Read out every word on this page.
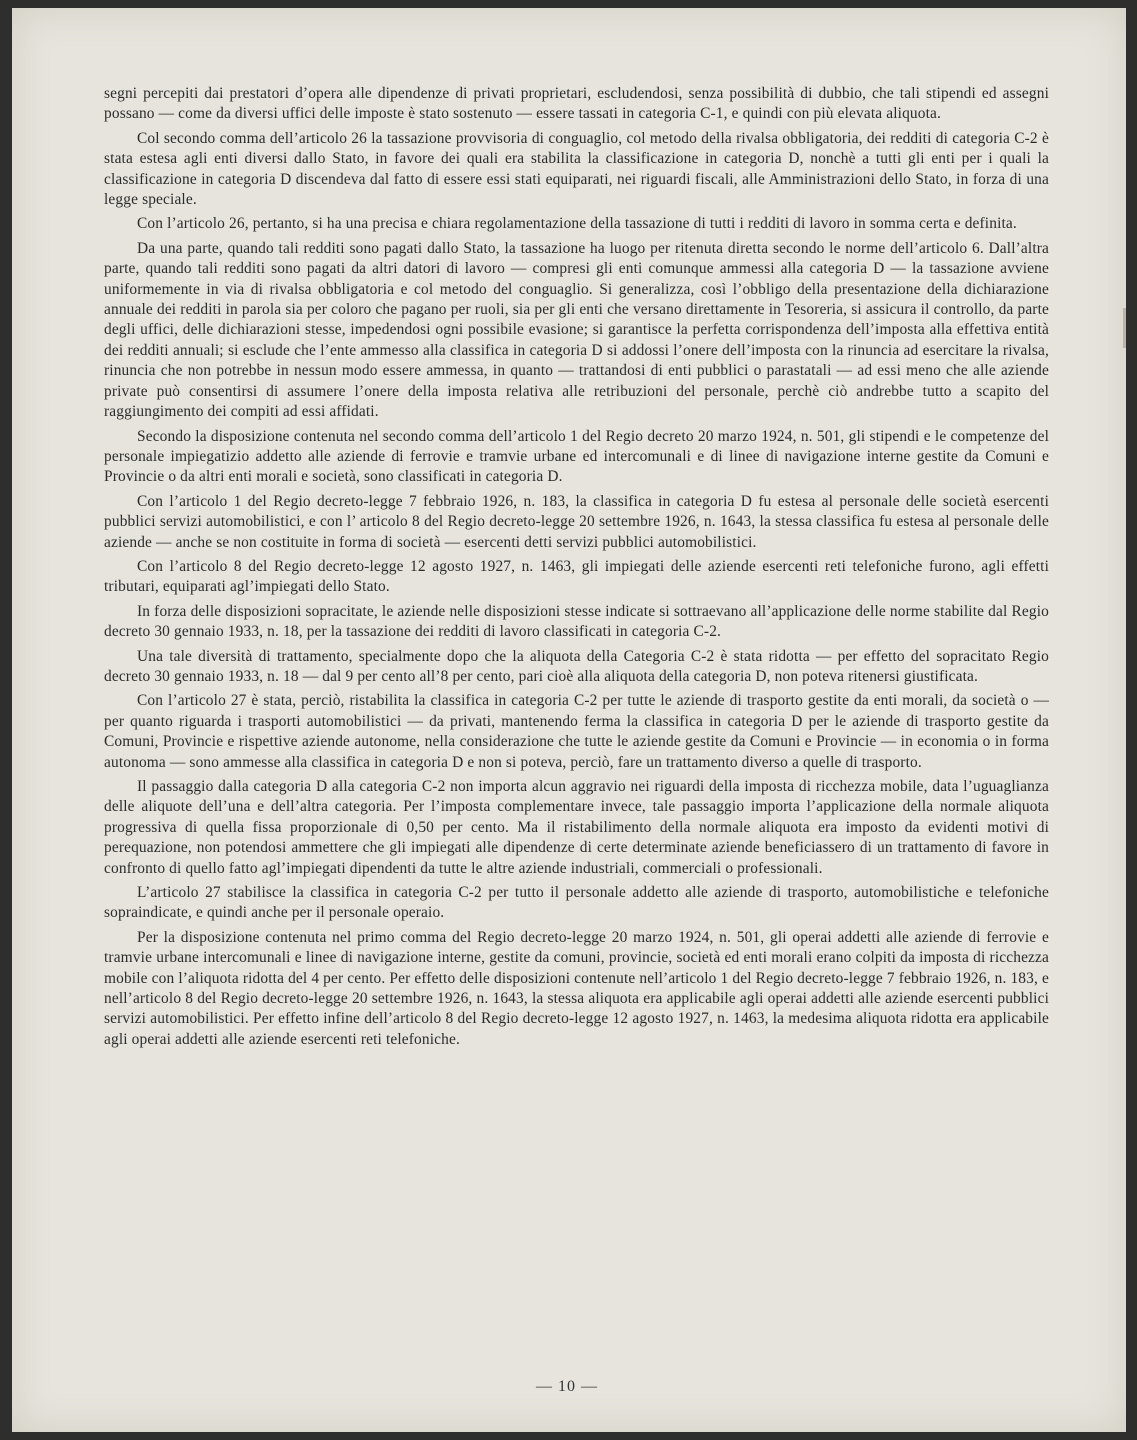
segni percepiti dai prestatori d’opera alle dipendenze di privati proprietari, escludendosi, senza possibilità di dubbio, che tali stipendi ed assegni possano — come da diversi uffici delle imposte è stato sostenuto — essere tassati in categoria C-1, e quindi con più elevata aliquota.

Col secondo comma dell’articolo 26 la tassazione provvisoria di conguaglio, col metodo della rivalsa obbligatoria, dei redditi di categoria C-2 è stata estesa agli enti diversi dallo Stato, in favore dei quali era stabilita la classificazione in categoria D, nonchè a tutti gli enti per i quali la classificazione in categoria D discendeva dal fatto di essere essi stati equiparati, nei riguardi fiscali, alle Amministrazioni dello Stato, in forza di una legge speciale.

Con l’articolo 26, pertanto, si ha una precisa e chiara regolamentazione della tassazione di tutti i redditi di lavoro in somma certa e definita.

Da una parte, quando tali redditi sono pagati dallo Stato, la tassazione ha luogo per ritenuta diretta secondo le norme dell’articolo 6. Dall’altra parte, quando tali redditi sono pagati da altri datori di lavoro — compresi gli enti comunque ammessi alla categoria D — la tassazione avviene uniformemente in via di rivalsa obbligatoria e col metodo del conguaglio. Si generalizza, così l’obbligo della presentazione della dichiarazione annuale dei redditi in parola sia per coloro che pagano per ruoli, sia per gli enti che versano direttamente in Tesoreria, si assicura il controllo, da parte degli uffici, delle dichiarazioni stesse, impedendosi ogni possibile evasione; si garantisce la perfetta corrispondenza dell’imposta alla effettiva entità dei redditi annuali; si esclude che l’ente ammesso alla classifica in categoria D si addossi l’onere dell’imposta con la rinuncia ad esercitare la rivalsa, rinuncia che non potrebbe in nessun modo essere ammessa, in quanto — trattandosi di enti pubblici o parastatali — ad essi meno che alle aziende private può consentirsi di assumere l’onere della imposta relativa alle retribuzioni del personale, perchè ciò andrebbe tutto a scapito del raggiungimento dei compiti ad essi affidati.

Secondo la disposizione contenuta nel secondo comma dell’articolo 1 del Regio decreto 20 marzo 1924, n. 501, gli stipendi e le competenze del personale impiegatizio addetto alle aziende di ferrovie e tramvie urbane ed intercomunali e di linee di navigazione interne gestite da Comuni e Provincie o da altri enti morali e società, sono classificati in categoria D.

Con l’articolo 1 del Regio decreto-legge 7 febbraio 1926, n. 183, la classifica in categoria D fu estesa al personale delle società esercenti pubblici servizi automobilistici, e con l’ articolo 8 del Regio decreto-legge 20 settembre 1926, n. 1643, la stessa classifica fu estesa al personale delle aziende — anche se non costituite in forma di società — esercenti detti servizi pubblici automobilistici.

Con l’articolo 8 del Regio decreto-legge 12 agosto 1927, n. 1463, gli impiegati delle aziende esercenti reti telefoniche furono, agli effetti tributari, equiparati agl’impiegati dello Stato.

In forza delle disposizioni sopracitate, le aziende nelle disposizioni stesse indicate si sottraevano all’applicazione delle norme stabilite dal Regio decreto 30 gennaio 1933, n. 18, per la tassazione dei redditi di lavoro classificati in categoria C-2.

Una tale diversità di trattamento, specialmente dopo che la aliquota della Categoria C-2 è stata ridotta — per effetto del sopracitato Regio decreto 30 gennaio 1933, n. 18 — dal 9 per cento all’8 per cento, pari cioè alla aliquota della categoria D, non poteva ritenersi giustificata.

Con l’articolo 27 è stata, perciò, ristabilita la classifica in categoria C-2 per tutte le aziende di trasporto gestite da enti morali, da società o — per quanto riguarda i trasporti automobilistici — da privati, mantenendo ferma la classifica in categoria D per le aziende di trasporto gestite da Comuni, Provincie e rispettive aziende autonome, nella considerazione che tutte le aziende gestite da Comuni e Provincie — in economia o in forma autonoma — sono ammesse alla classifica in categoria D e non si poteva, perciò, fare un trattamento diverso a quelle di trasporto.

Il passaggio dalla categoria D alla categoria C-2 non importa alcun aggravio nei riguardi della imposta di ricchezza mobile, data l’uguaglianza delle aliquote dell’una e dell’altra categoria. Per l’imposta complementare invece, tale passaggio importa l’applicazione della normale aliquota progressiva di quella fissa proporzionale di 0,50 per cento. Ma il ristabilimento della normale aliquota era imposto da evidenti motivi di perequazione, non potendosi ammettere che gli impiegati alle dipendenze di certe determinate aziende beneficiassero di un trattamento di favore in confronto di quello fatto agl’impiegati dipendenti da tutte le altre aziende industriali, commerciali o professionali.

L’articolo 27 stabilisce la classifica in categoria C-2 per tutto il personale addetto alle aziende di trasporto, automobilistiche e telefoniche sopraindicate, e quindi anche per il personale operaio.

Per la disposizione contenuta nel primo comma del Regio decreto-legge 20 marzo 1924, n. 501, gli operai addetti alle aziende di ferrovie e tramvie urbane intercomunali e linee di navigazione interne, gestite da comuni, provincie, società ed enti morali erano colpiti da imposta di ricchezza mobile con l’aliquota ridotta del 4 per cento. Per effetto delle disposizioni contenute nell’articolo 1 del Regio decreto-legge 7 febbraio 1926, n. 183, e nell’articolo 8 del Regio decreto-legge 20 settembre 1926, n. 1643, la stessa aliquota era applicabile agli operai addetti alle aziende esercenti pubblici servizi automobilistici. Per effetto infine dell’articolo 8 del Regio decreto-legge 12 agosto 1927, n. 1463, la medesima aliquota ridotta era applicabile agli operai addetti alle aziende esercenti reti telefoniche.

— 10 —
